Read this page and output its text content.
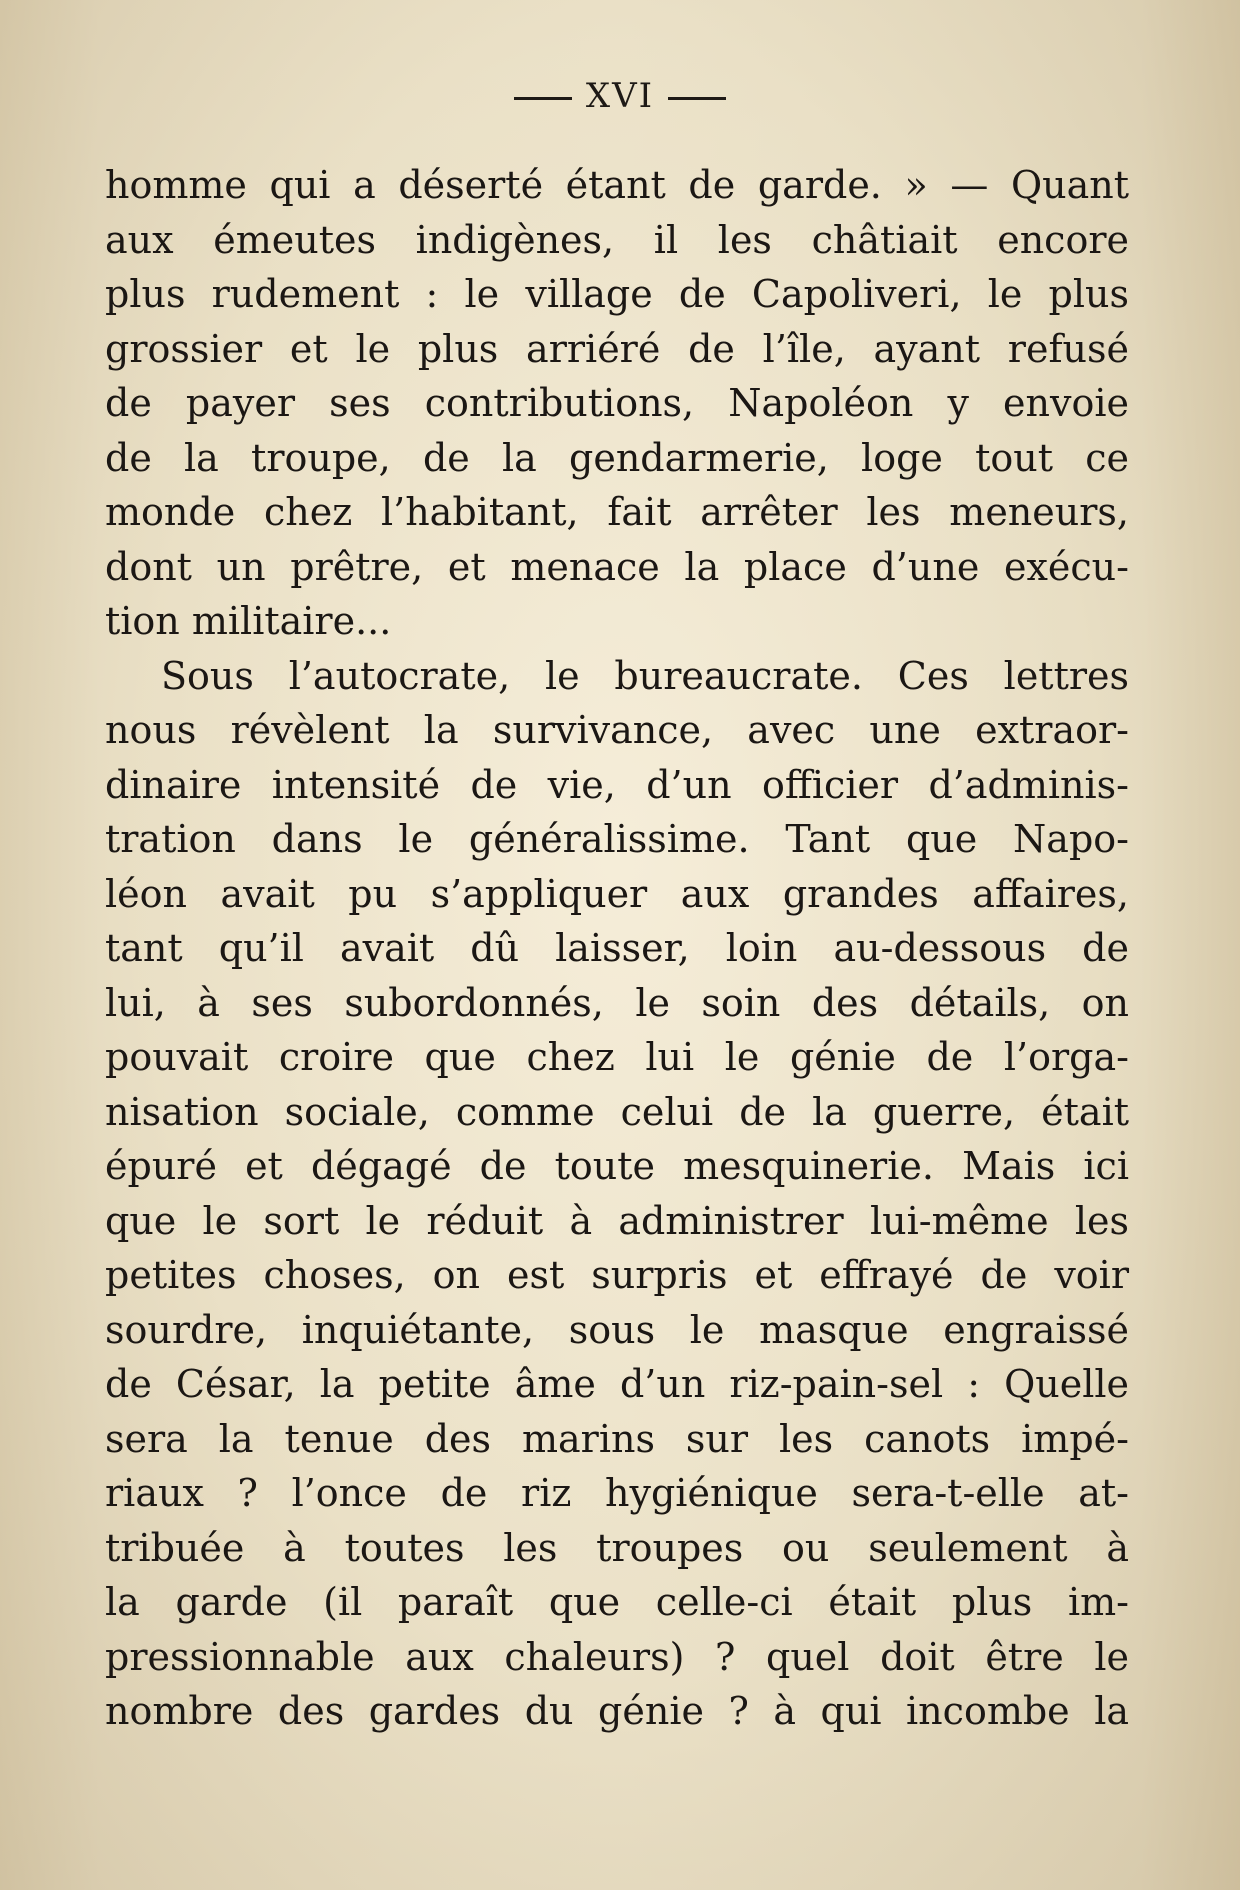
XVI
homme qui a déserté étant de garde. » — Quant
aux émeutes indigènes, il les châtiait encore
plus rudement : le village de Capoliveri, le plus
grossier et le plus arriéré de l’île, ayant refusé
de payer ses contributions, Napoléon y envoie
de la troupe, de la gendarmerie, loge tout ce
monde chez l’habitant, fait arrêter les meneurs,
dont un prêtre, et menace la place d’une exécu-
tion militaire...
Sous l’autocrate, le bureaucrate. Ces lettres
nous révèlent la survivance, avec une extraor-
dinaire intensité de vie, d’un officier d’adminis-
tration dans le généralissime. Tant que Napo-
léon avait pu s’appliquer aux grandes affaires,
tant qu’il avait dû laisser, loin au-dessous de
lui, à ses subordonnés, le soin des détails, on
pouvait croire que chez lui le génie de l’orga-
nisation sociale, comme celui de la guerre, était
épuré et dégagé de toute mesquinerie. Mais ici
que le sort le réduit à administrer lui-même les
petites choses, on est surpris et effrayé de voir
sourdre, inquiétante, sous le masque engraissé
de César, la petite âme d’un riz-pain-sel : Quelle
sera la tenue des marins sur les canots impé-
riaux ? l’once de riz hygiénique sera-t-elle at-
tribuée à toutes les troupes ou seulement à
la garde (il paraît que celle-ci était plus im-
pressionnable aux chaleurs) ? quel doit être le
nombre des gardes du génie ? à qui incombe la
